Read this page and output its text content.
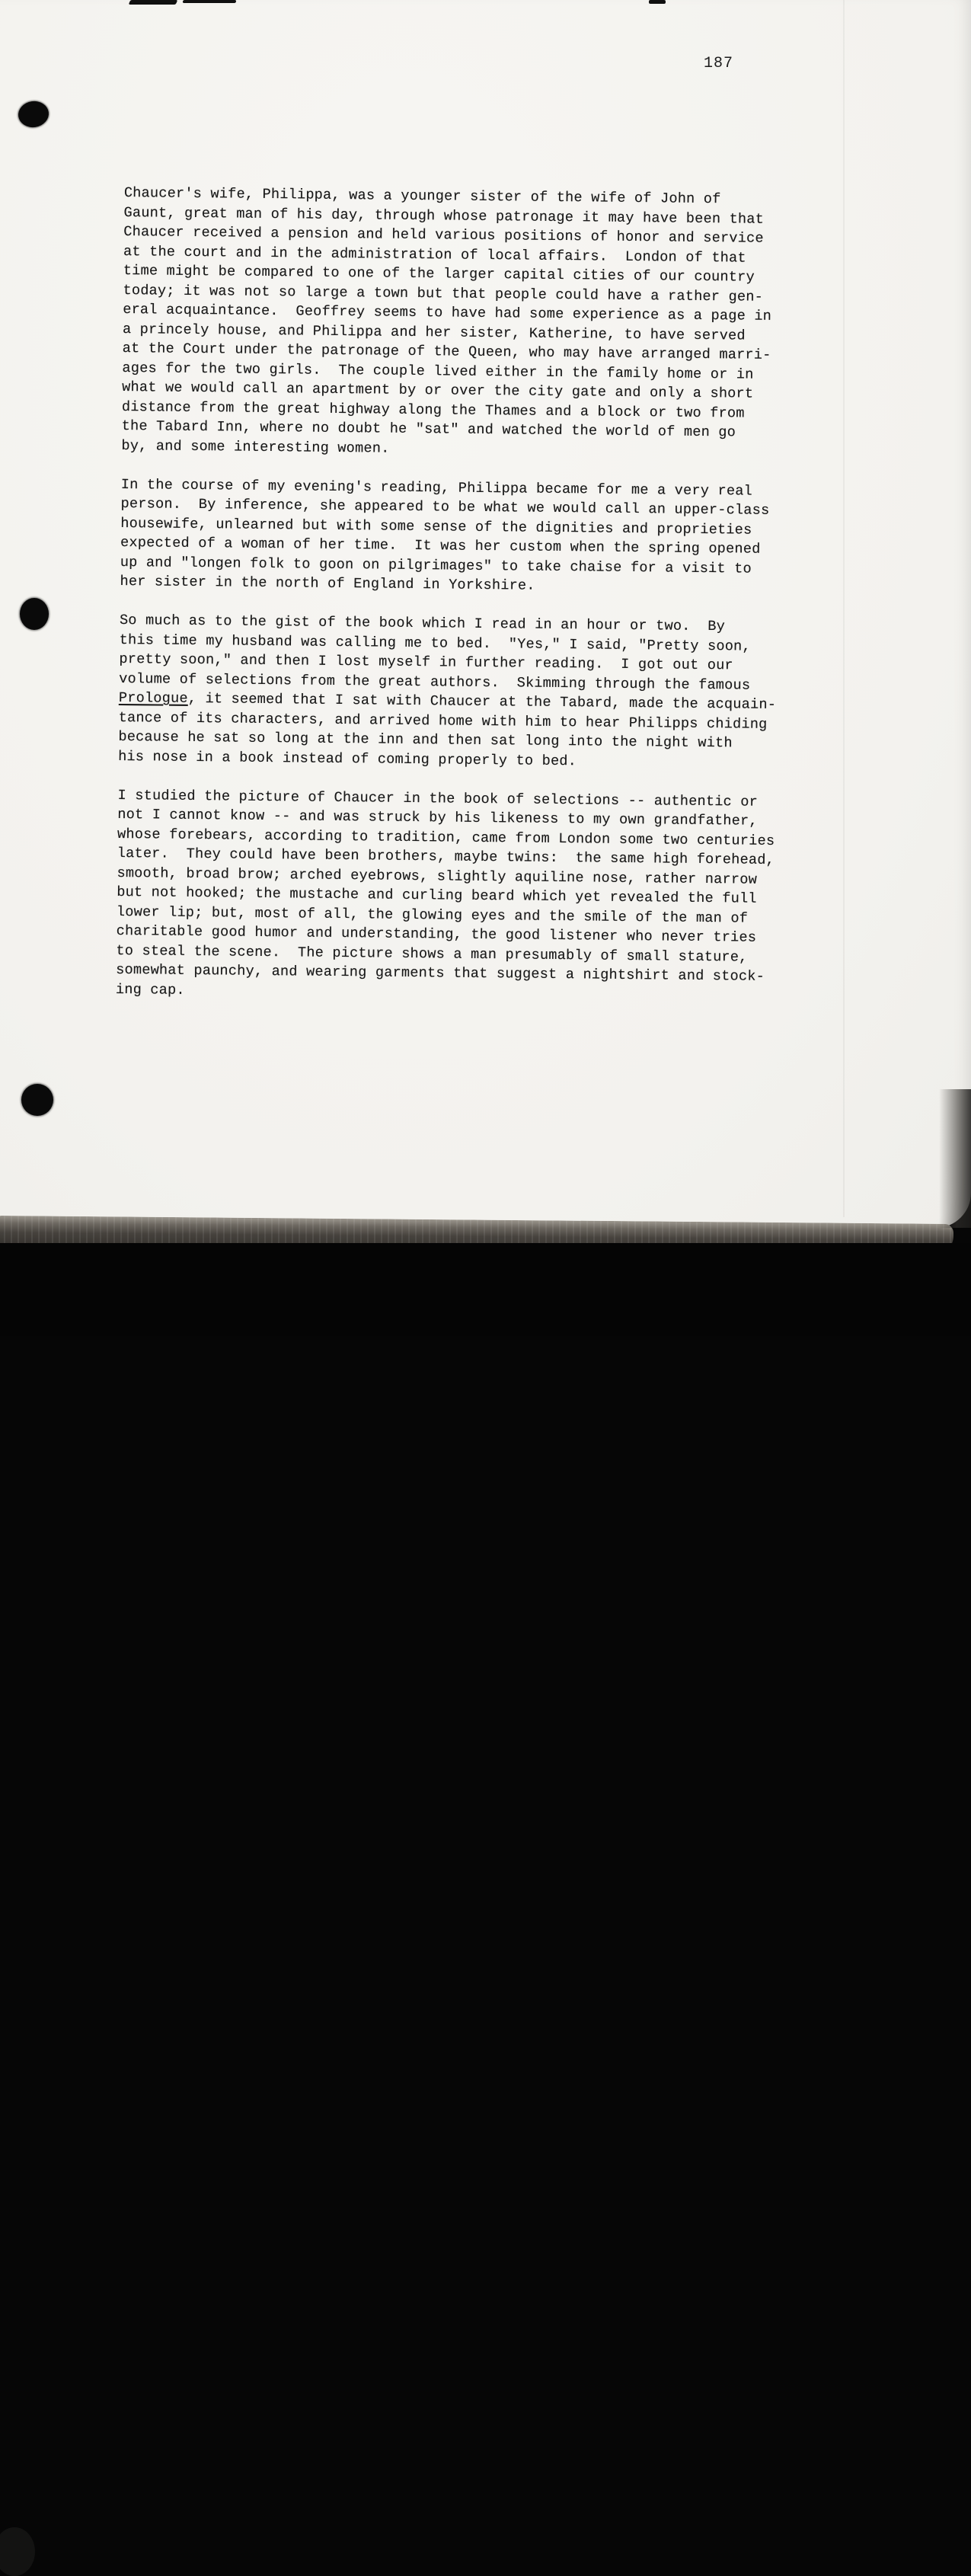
187
Chaucer's wife, Philippa, was a younger sister of the wife of John of
Gaunt, great man of his day, through whose patronage it may have been that
Chaucer received a pension and held various positions of honor and service
at the court and in the administration of local affairs.  London of that
time might be compared to one of the larger capital cities of our country
today; it was not so large a town but that people could have a rather gen-
eral acquaintance.  Geoffrey seems to have had some experience as a page in
a princely house, and Philippa and her sister, Katherine, to have served
at the Court under the patronage of the Queen, who may have arranged marri-
ages for the two girls.  The couple lived either in the family home or in
what we would call an apartment by or over the city gate and only a short
distance from the great highway along the Thames and a block or two from
the Tabard Inn, where no doubt he "sat" and watched the world of men go
by, and some interesting women.
In the course of my evening's reading, Philippa became for me a very real
person.  By inference, she appeared to be what we would call an upper-class
housewife, unlearned but with some sense of the dignities and proprieties
expected of a woman of her time.  It was her custom when the spring opened
up and "longen folk to goon on pilgrimages" to take chaise for a visit to
her sister in the north of England in Yorkshire.
So much as to the gist of the book which I read in an hour or two.  By
this time my husband was calling me to bed.  "Yes," I said, "Pretty soon,
pretty soon," and then I lost myself in further reading.  I got out our
volume of selections from the great authors.  Skimming through the famous
Prologue, it seemed that I sat with Chaucer at the Tabard, made the acquain-
tance of its characters, and arrived home with him to hear Philipps chiding
because he sat so long at the inn and then sat long into the night with
his nose in a book instead of coming properly to bed.
I studied the picture of Chaucer in the book of selections -- authentic or
not I cannot know -- and was struck by his likeness to my own grandfather,
whose forebears, according to tradition, came from London some two centuries
later.  They could have been brothers, maybe twins:  the same high forehead,
smooth, broad brow; arched eyebrows, slightly aquiline nose, rather narrow
but not hooked; the mustache and curling beard which yet revealed the full
lower lip; but, most of all, the glowing eyes and the smile of the man of
charitable good humor and understanding, the good listener who never tries
to steal the scene.  The picture shows a man presumably of small stature,
somewhat paunchy, and wearing garments that suggest a nightshirt and stock-
ing cap.
